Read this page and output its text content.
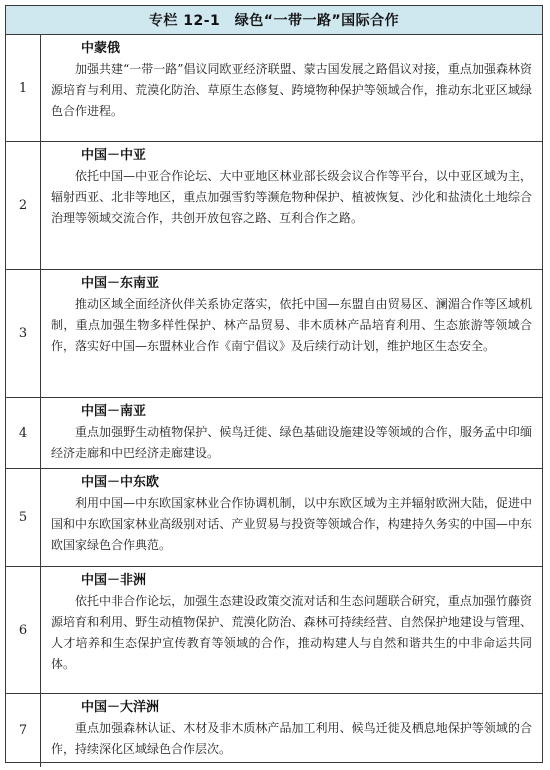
专栏 12-1　绿色“一带一路”国际合作
1
中蒙俄
加强共建“一带一路”倡议同欧亚经济联盟、蒙古国发展之路倡议对接，重点加强森林资源培育与利用、荒漠化防治、草原生态修复、跨境物种保护等领域合作，推动东北亚区域绿色合作进程。
2
中国－中亚
依托中国—中亚合作论坛、大中亚地区林业部长级会议合作等平台，以中亚区域为主，辐射西亚、北非等地区，重点加强雪豹等濒危物种保护、植被恢复、沙化和盐渍化土地综合治理等领域交流合作，共创开放包容之路、互利合作之路。
3
中国－东南亚
推动区域全面经济伙伴关系协定落实，依托中国—东盟自由贸易区、澜湄合作等区域机制，重点加强生物多样性保护、林产品贸易、非木质林产品培育利用、生态旅游等领域合作，落实好中国—东盟林业合作《南宁倡议》及后续行动计划，维护地区生态安全。
4
中国－南亚
重点加强野生动植物保护、候鸟迁徙、绿色基础设施建设等领域的合作，服务孟中印缅经济走廊和中巴经济走廊建设。
5
中国－中东欧
利用中国—中东欧国家林业合作协调机制，以中东欧区域为主并辐射欧洲大陆，促进中国和中东欧国家林业高级别对话、产业贸易与投资等领域合作，构建持久务实的中国—中东欧国家绿色合作典范。
6
中国－非洲
依托中非合作论坛，加强生态建设政策交流对话和生态问题联合研究，重点加强竹藤资源培育和利用、野生动植物保护、荒漠化防治、森林可持续经营、自然保护地建设与管理、人才培养和生态保护宣传教育等领域的合作，推动构建人与自然和谐共生的中非命运共同体。
7
中国－大洋洲
重点加强森林认证、木材及非木质林产品加工利用、候鸟迁徙及栖息地保护等领域的合作，持续深化区域绿色合作层次。
